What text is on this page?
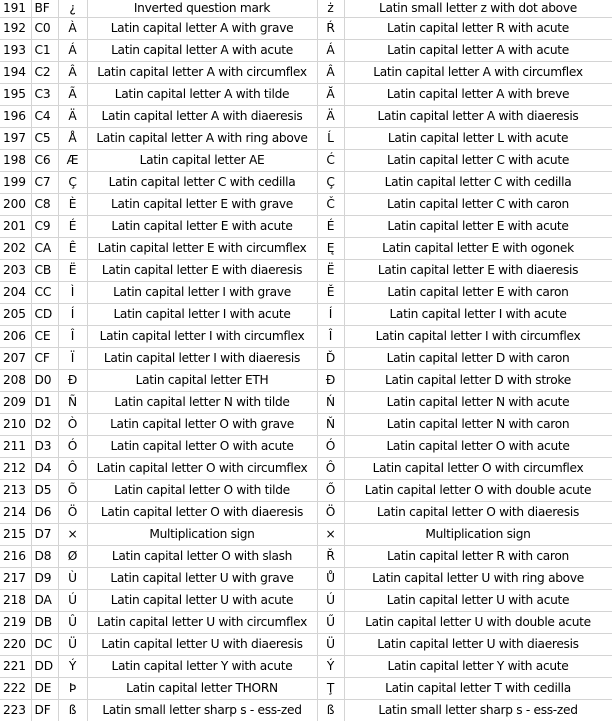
191	BF	¿	Inverted question mark	ż	Latin small letter z with dot above
192	C0	À	Latin capital letter A with grave	Ŕ	Latin capital letter R with acute
193	C1	Á	Latin capital letter A with acute	Á	Latin capital letter A with acute
194	C2	Â	Latin capital letter A with circumflex	Â	Latin capital letter A with circumflex
195	C3	Ã	Latin capital letter A with tilde	Ă	Latin capital letter A with breve
196	C4	Ä	Latin capital letter A with diaeresis	Ä	Latin capital letter A with diaeresis
197	C5	Å	Latin capital letter A with ring above	Ĺ	Latin capital letter L with acute
198	C6	Æ	Latin capital letter AE	Ć	Latin capital letter C with acute
199	C7	Ç	Latin capital letter C with cedilla	Ç	Latin capital letter C with cedilla
200	C8	È	Latin capital letter E with grave	Č	Latin capital letter C with caron
201	C9	É	Latin capital letter E with acute	É	Latin capital letter E with acute
202	CA	Ê	Latin capital letter E with circumflex	Ę	Latin capital letter E with ogonek
203	CB	Ë	Latin capital letter E with diaeresis	Ë	Latin capital letter E with diaeresis
204	CC	Ì	Latin capital letter I with grave	Ě	Latin capital letter E with caron
205	CD	Í	Latin capital letter I with acute	Í	Latin capital letter I with acute
206	CE	Î	Latin capital letter I with circumflex	Î	Latin capital letter I with circumflex
207	CF	Ï	Latin capital letter I with diaeresis	Ď	Latin capital letter D with caron
208	D0	Đ	Latin capital letter ETH	Đ	Latin capital letter D with stroke
209	D1	Ñ	Latin capital letter N with tilde	Ń	Latin capital letter N with acute
210	D2	Ò	Latin capital letter O with grave	Ň	Latin capital letter N with caron
211	D3	Ó	Latin capital letter O with acute	Ó	Latin capital letter O with acute
212	D4	Ô	Latin capital letter O with circumflex	Ô	Latin capital letter O with circumflex
213	D5	Õ	Latin capital letter O with tilde	Ő	Latin capital letter O with double acute
214	D6	Ö	Latin capital letter O with diaeresis	Ö	Latin capital letter O with diaeresis
215	D7	×	Multiplication sign	×	Multiplication sign
216	D8	Ø	Latin capital letter O with slash	Ř	Latin capital letter R with caron
217	D9	Ù	Latin capital letter U with grave	Ů	Latin capital letter U with ring above
218	DA	Ú	Latin capital letter U with acute	Ú	Latin capital letter U with acute
219	DB	Û	Latin capital letter U with circumflex	Ű	Latin capital letter U with double acute
220	DC	Ü	Latin capital letter U with diaeresis	Ü	Latin capital letter U with diaeresis
221	DD	Ý	Latin capital letter Y with acute	Ý	Latin capital letter Y with acute
222	DE	Þ	Latin capital letter THORN	Ţ	Latin capital letter T with cedilla
223	DF	ß	Latin small letter sharp s - ess-zed	ß	Latin small letter sharp s - ess-zed
